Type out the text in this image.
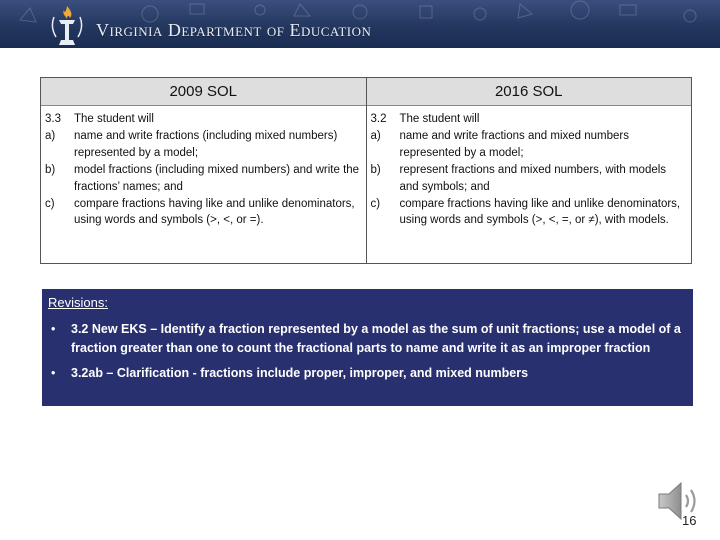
Virginia Department of Education
2009 SOL
3.3	The student will
a)	name and write fractions (including mixed numbers) represented by a model;
b)	model fractions (including mixed numbers) and write the fractions’ names; and
c)	compare fractions having like and unlike denominators, using words and symbols (>, <, or =).
2016 SOL
3.2	The student will
a)	name and write fractions and mixed numbers represented by a model;
b)	represent fractions and mixed numbers, with models and symbols; and
c)	compare fractions having like and unlike denominators, using words and symbols (>, <, =, or ≠), with models.
Revisions:
•	3.2 New EKS – Identify a fraction represented by a model as the sum of unit fractions; use a model of a fraction greater than one to count the fractional parts to name and write it as an improper fraction
•	3.2ab – Clarification - fractions include proper, improper, and mixed numbers
16
